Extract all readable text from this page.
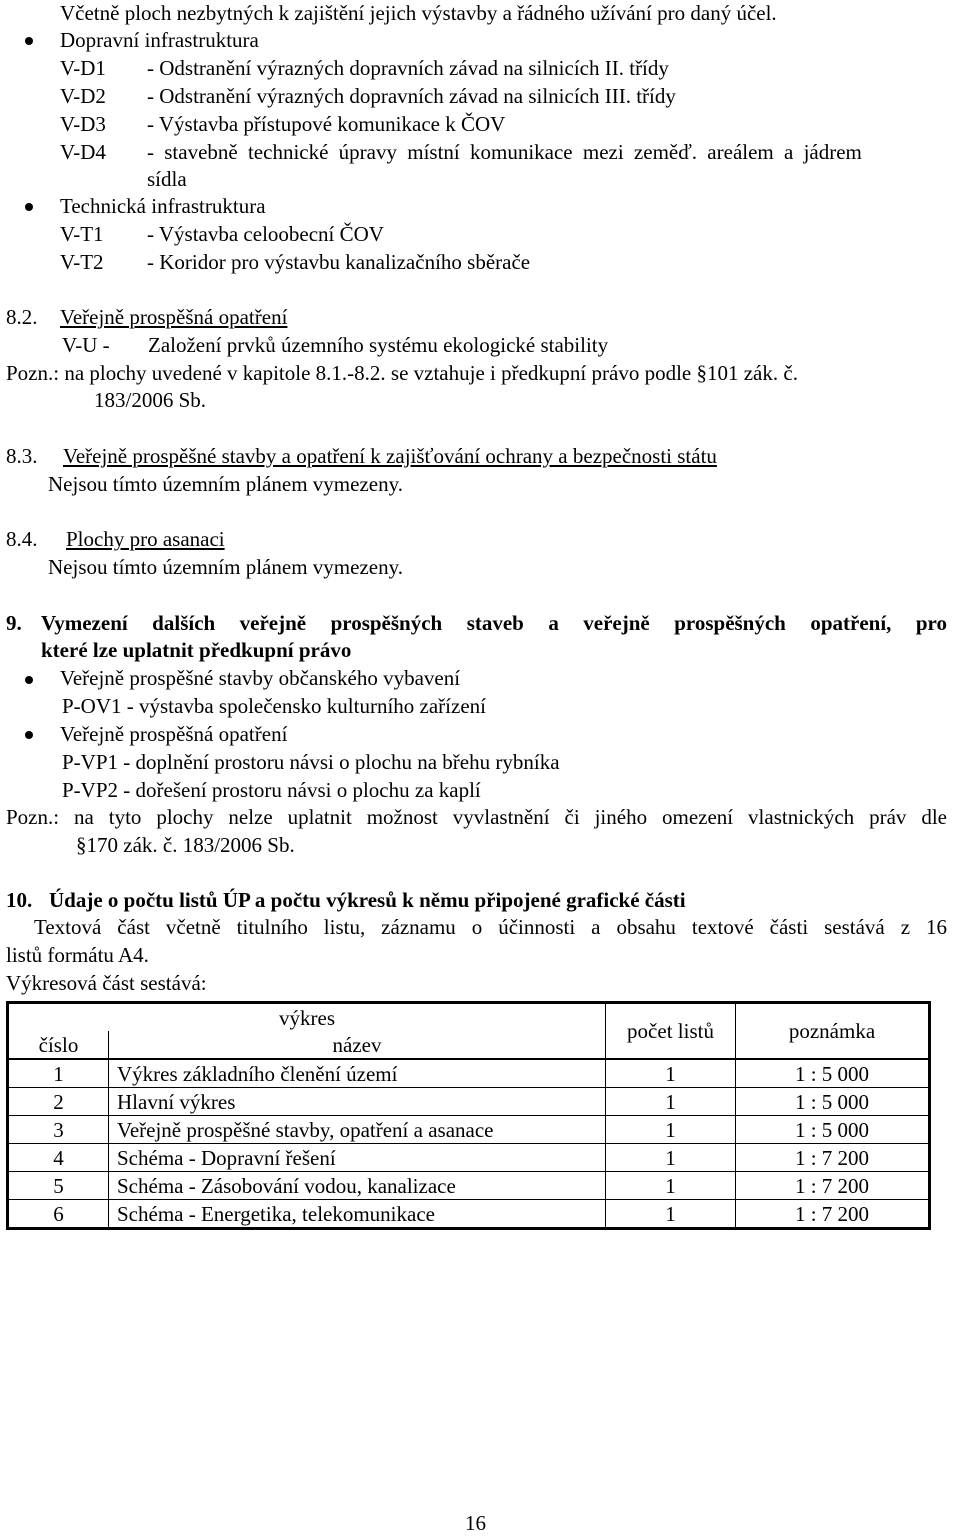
Včetně ploch nezbytných k zajištění jejich výstavby a řádného užívání pro daný účel.
Dopravní infrastruktura
V-D1 - Odstranění výrazných dopravních závad na silnicích II. třídy
V-D2 - Odstranění výrazných dopravních závad na silnicích III. třídy
V-D3 - Výstavba přístupové komunikace k ČOV
V-D4 - stavebně technické úpravy místní komunikace mezi zeměď. areálem a jádrem
sídla
Technická infrastruktura
V-T1 - Výstavba celoobecní ČOV
V-T2 - Koridor pro výstavbu kanalizačního sběrače
8.2. Veřejně prospěšná opatření
V-U - Založení prvků územního systému ekologické stability
Pozn.: na plochy uvedené v kapitole 8.1.-8.2. se vztahuje i předkupní právo podle §101 zák. č.
183/2006 Sb.
8.3. Veřejně prospěšné stavby a opatření k zajišťování ochrany a bezpečnosti státu
Nejsou tímto územním plánem vymezeny.
8.4. Plochy pro asanaci
Nejsou tímto územním plánem vymezeny.
9. Vymezení dalších veřejně prospěšných staveb a veřejně prospěšných opatření, pro
které lze uplatnit předkupní právo
Veřejně prospěšné stavby občanského vybavení
P-OV1 - výstavba společensko kulturního zařízení
Veřejně prospěšná opatření
P-VP1 - doplnění prostoru návsi o plochu na břehu rybníka
P-VP2 - dořešení prostoru návsi o plochu za kaplí
Pozn.: na tyto plochy nelze uplatnit možnost vyvlastnění či jiného omezení vlastnických práv dle
§170 zák. č. 183/2006 Sb.
10. Údaje o počtu listů ÚP a počtu výkresů k němu připojené grafické části
Textová část včetně titulního listu, záznamu o účinnosti a obsahu textové části sestává z 16
listů formátu A4.
Výkresová část sestává:
výkres		počet listů	poznámka
číslo	název		
1	Výkres základního členění území	1	1 : 5 000
2	Hlavní výkres	1	1 : 5 000
3	Veřejně prospěšné stavby, opatření a asanace	1	1 : 5 000
4	Schéma - Dopravní řešení	1	1 : 7 200
5	Schéma - Zásobování vodou, kanalizace	1	1 : 7 200
6	Schéma - Energetika, telekomunikace	1	1 : 7 200
16
